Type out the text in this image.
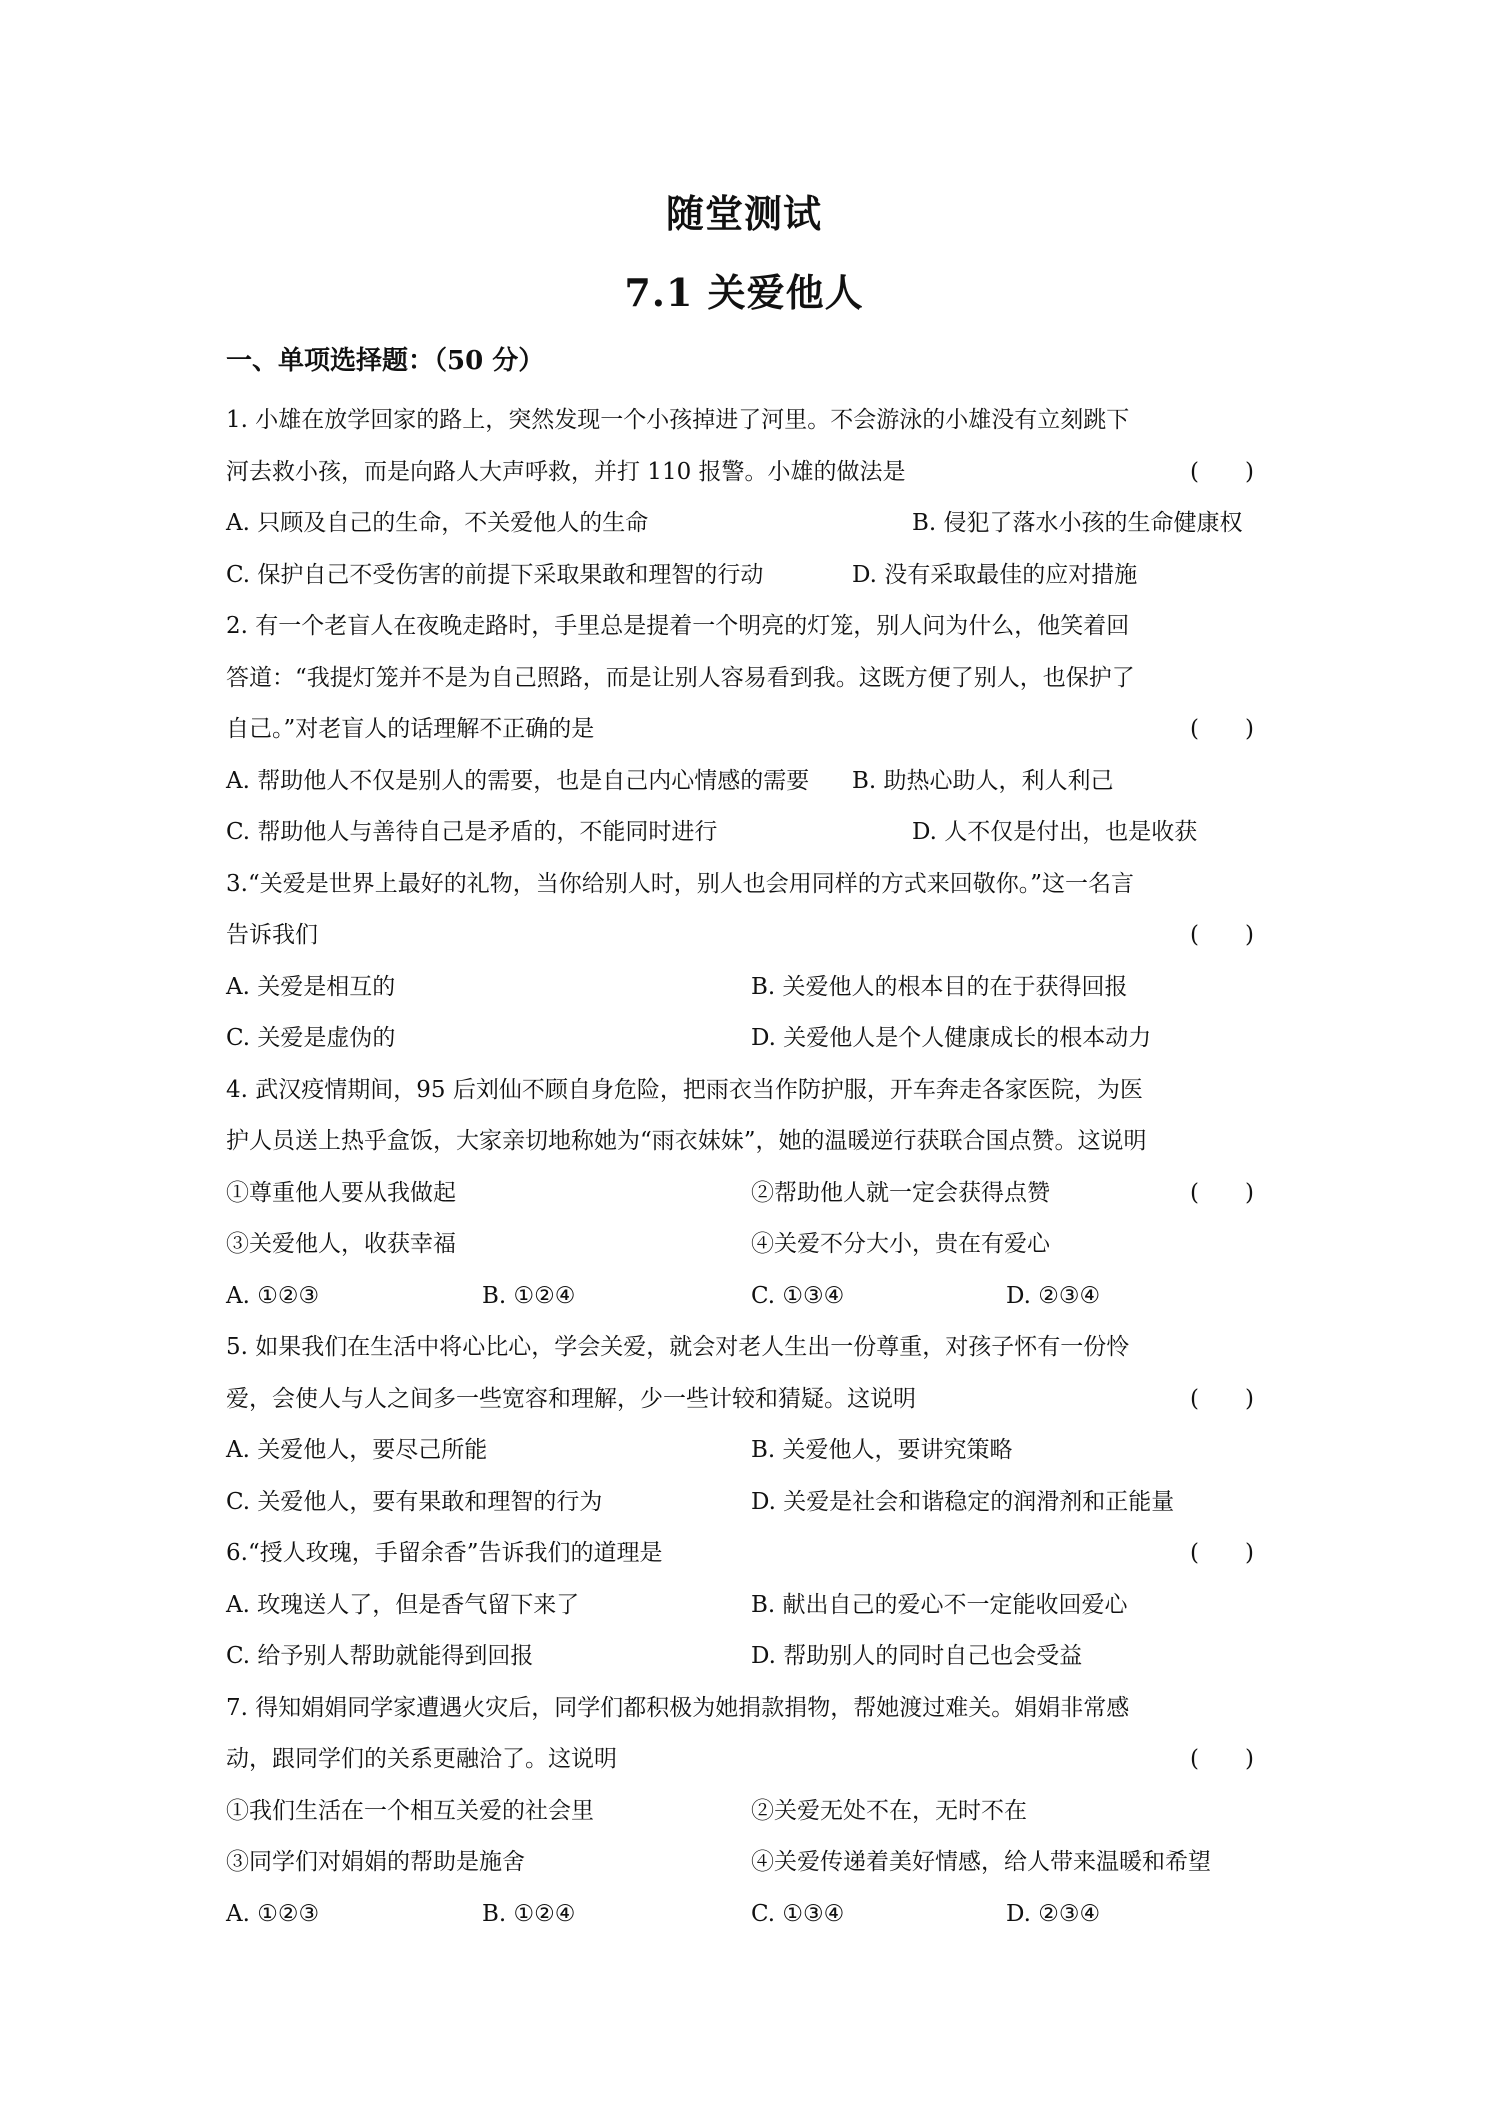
随堂测试
7.1 关爱他人
一、单项选择题：（50 分）
1. 小雄在放学回家的路上，突然发现一个小孩掉进了河里。不会游泳的小雄没有立刻跳下
河去救小孩，而是向路人大声呼救，并打 110 报警。小雄的做法是	(　　)
A. 只顾及自己的生命，不关爱他人的生命	B. 侵犯了落水小孩的生命健康权
C. 保护自己不受伤害的前提下采取果敢和理智的行动	D. 没有采取最佳的应对措施
2. 有一个老盲人在夜晚走路时，手里总是提着一个明亮的灯笼，别人问为什么，他笑着回
答道：“我提灯笼并不是为自己照路，而是让别人容易看到我。这既方便了别人，也保护了
自己。”对老盲人的话理解不正确的是	(　　)
A. 帮助他人不仅是别人的需要，也是自己内心情感的需要 B. 助热心助人，利人利己
C. 帮助他人与善待自己是矛盾的，不能同时进行	D. 人不仅是付出，也是收获
3.“关爱是世界上最好的礼物，当你给别人时，别人也会用同样的方式来回敬你。”这一名言
告诉我们	(　　)
A. 关爱是相互的	B. 关爱他人的根本目的在于获得回报
C. 关爱是虚伪的	D. 关爱他人是个人健康成长的根本动力
4. 武汉疫情期间，95 后刘仙不顾自身危险，把雨衣当作防护服，开车奔走各家医院，为医
护人员送上热乎盒饭，大家亲切地称她为“雨衣妹妹”，她的温暖逆行获联合国点赞。这说明
①尊重他人要从我做起	②帮助他人就一定会获得点赞	(　　)
③关爱他人，收获幸福	④关爱不分大小，贵在有爱心
A. ①②③	B. ①②④	C. ①③④	D. ②③④
5. 如果我们在生活中将心比心，学会关爱，就会对老人生出一份尊重，对孩子怀有一份怜
爱，会使人与人之间多一些宽容和理解，少一些计较和猜疑。这说明	(　　)
A. 关爱他人，要尽己所能	B. 关爱他人，要讲究策略
C. 关爱他人，要有果敢和理智的行为	D. 关爱是社会和谐稳定的润滑剂和正能量
6.“授人玫瑰，手留余香”告诉我们的道理是	(　　)
A. 玫瑰送人了，但是香气留下来了	B. 献出自己的爱心不一定能收回爱心
C. 给予别人帮助就能得到回报	D. 帮助别人的同时自己也会受益
7. 得知娟娟同学家遭遇火灾后，同学们都积极为她捐款捐物，帮她渡过难关。娟娟非常感
动，跟同学们的关系更融洽了。这说明	(　　)
①我们生活在一个相互关爱的社会里	②关爱无处不在，无时不在
③同学们对娟娟的帮助是施舍	④关爱传递着美好情感，给人带来温暖和希望
A. ①②③	B. ①②④	C. ①③④	D. ②③④
